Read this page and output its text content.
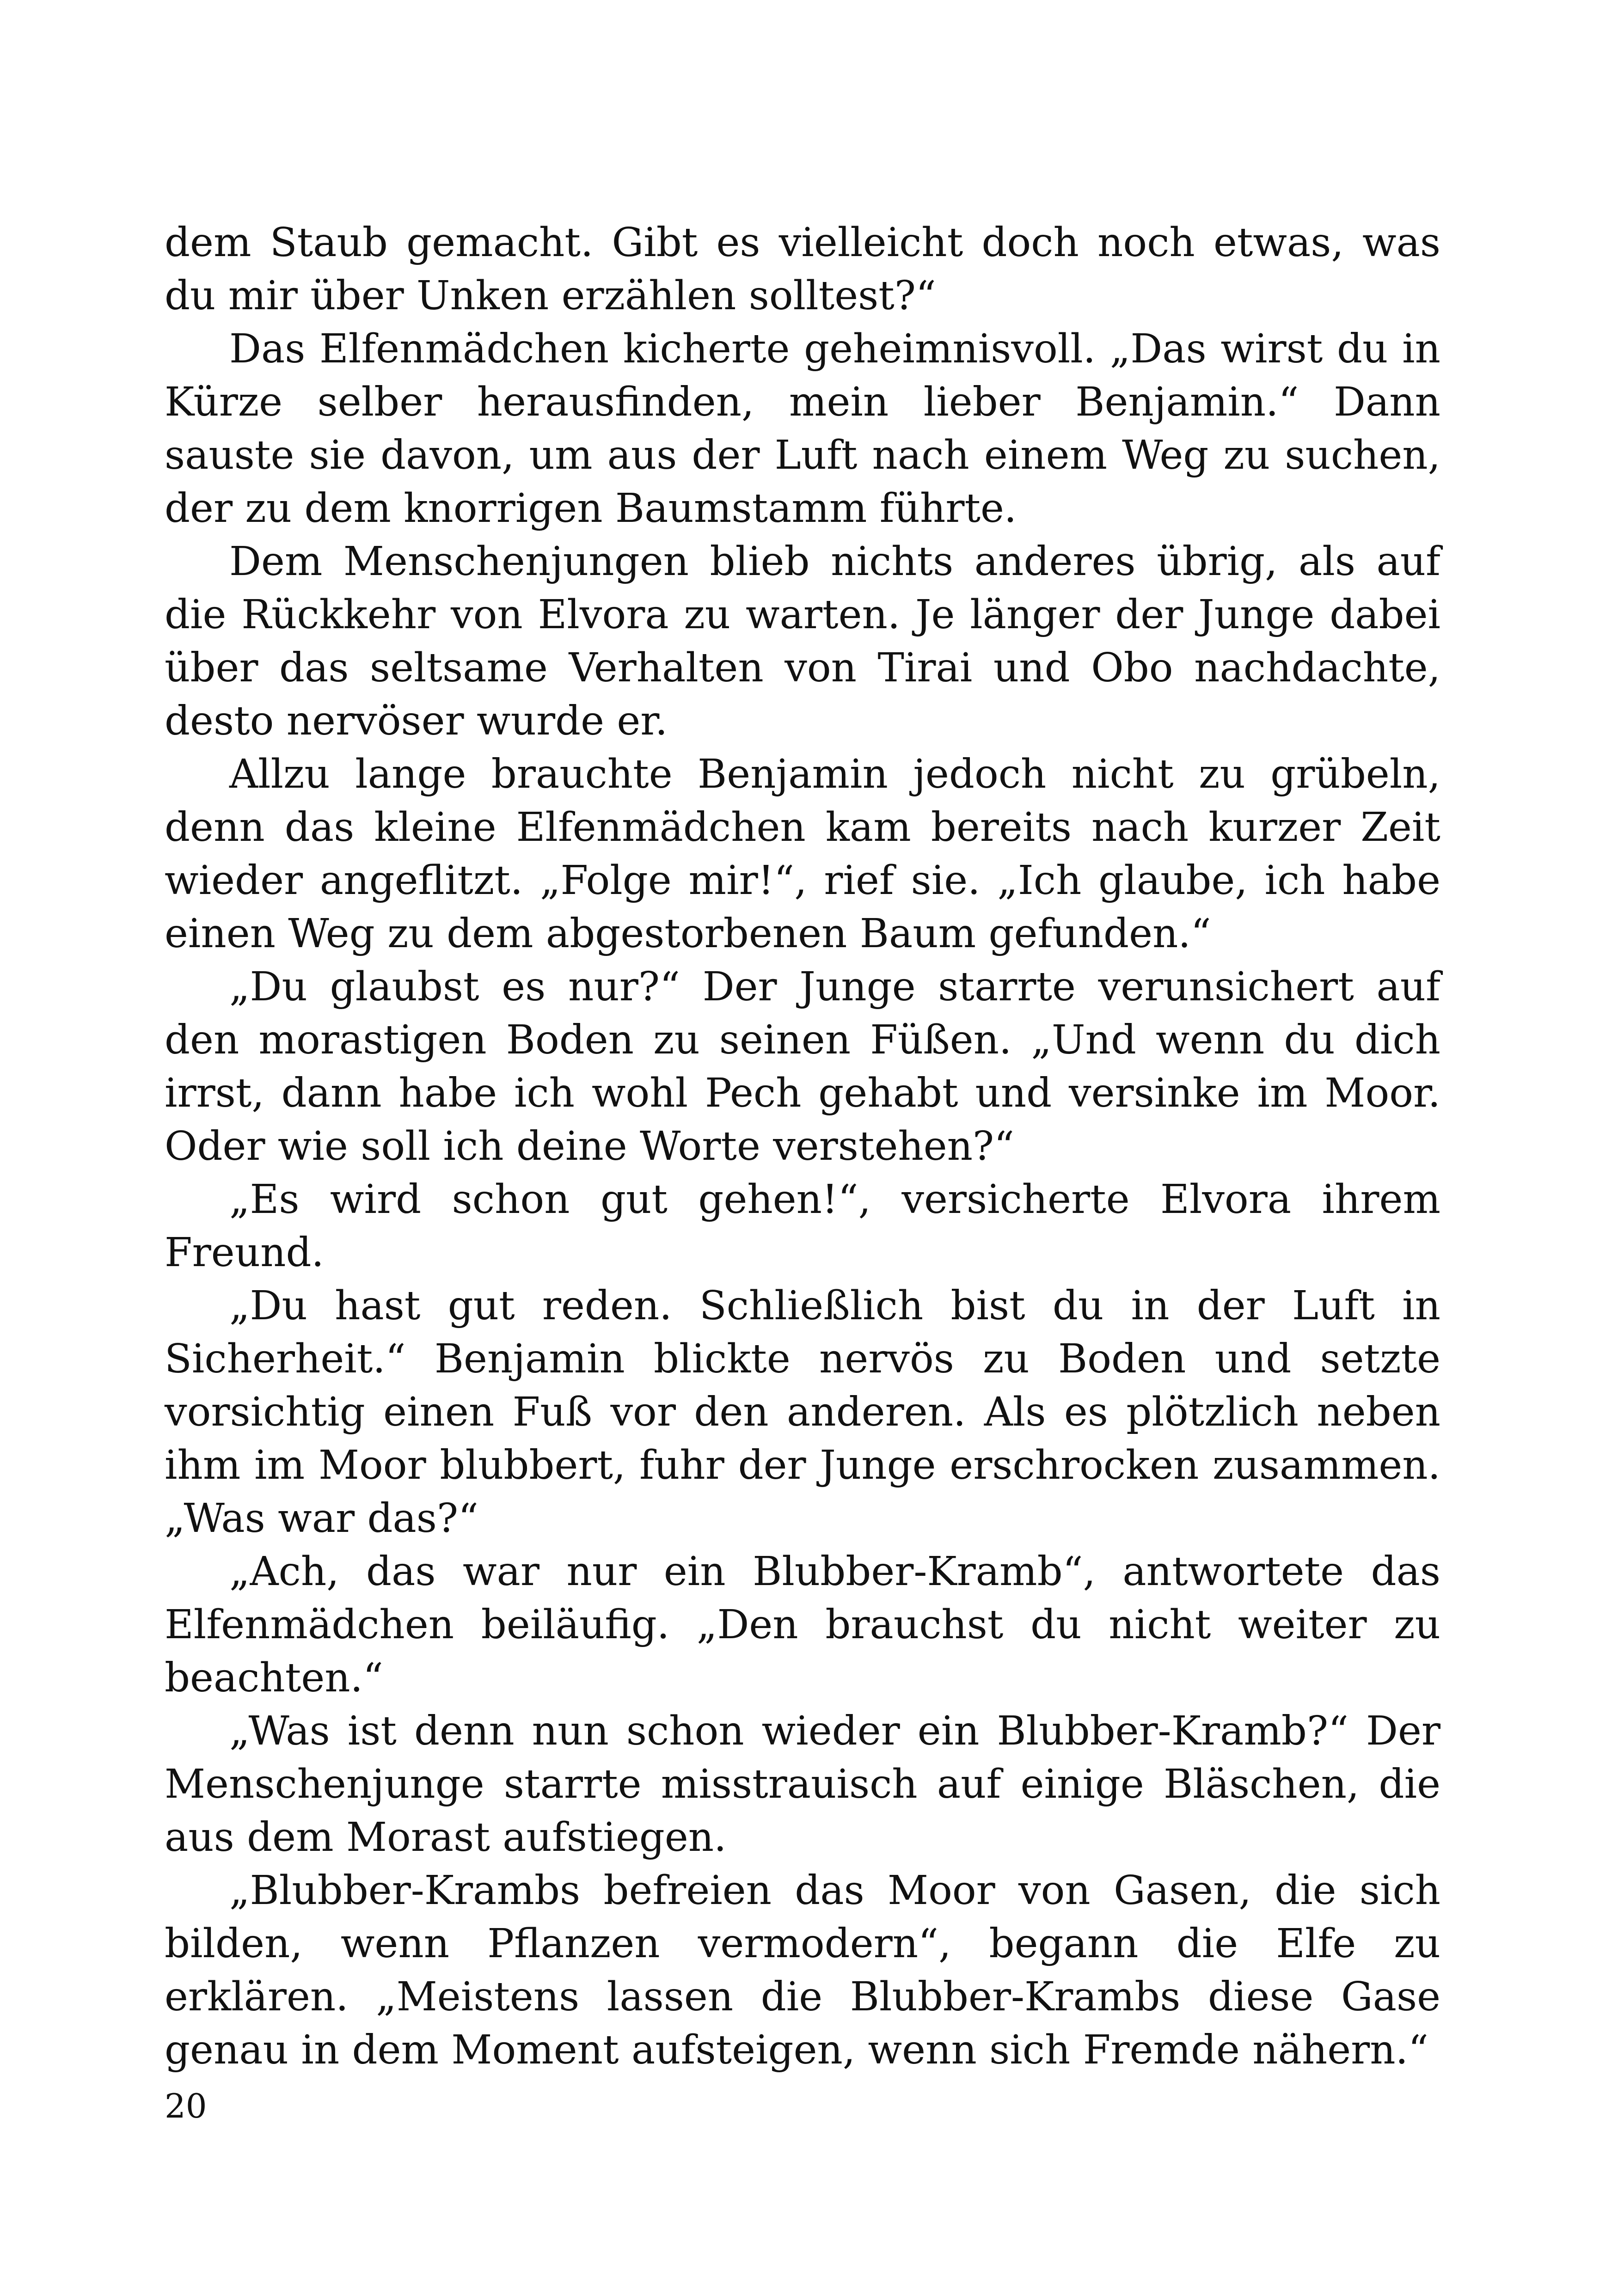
dem Staub gemacht. Gibt es vielleicht doch noch etwas, was du mir über Unken erzählen solltest?“

Das Elfenmädchen kicherte geheimnisvoll. „Das wirst du in Kürze selber herausfinden, mein lieber Benjamin.“ Dann sauste sie davon, um aus der Luft nach einem Weg zu suchen, der zu dem knorrigen Baumstamm führte.

Dem Menschenjungen blieb nichts anderes übrig, als auf die Rückkehr von Elvora zu warten. Je länger der Junge dabei über das seltsame Verhalten von Tirai und Obo nachdachte, desto nervöser wurde er.

Allzu lange brauchte Benjamin jedoch nicht zu grübeln, denn das kleine Elfenmädchen kam bereits nach kurzer Zeit wieder angeflitzt. „Folge mir!“, rief sie. „Ich glaube, ich habe einen Weg zu dem abgestorbenen Baum gefunden.“

„Du glaubst es nur?“ Der Junge starrte verunsichert auf den morastigen Boden zu seinen Füßen. „Und wenn du dich irrst, dann habe ich wohl Pech gehabt und versinke im Moor. Oder wie soll ich deine Worte verstehen?“

„Es wird schon gut gehen!“, versicherte Elvora ihrem Freund.

„Du hast gut reden. Schließlich bist du in der Luft in Sicherheit.“ Benjamin blickte nervös zu Boden und setzte vorsichtig einen Fuß vor den anderen. Als es plötzlich neben ihm im Moor blubbert, fuhr der Junge erschrocken zusammen. „Was war das?“

„Ach, das war nur ein Blubber-Kramb“, antwortete das Elfenmädchen beiläufig. „Den brauchst du nicht weiter zu beachten.“

„Was ist denn nun schon wieder ein Blubber-Kramb?“ Der Menschenjunge starrte misstrauisch auf einige Bläschen, die aus dem Morast aufstiegen.

„Blubber-Krambs befreien das Moor von Gasen, die sich bilden, wenn Pflanzen vermodern“, begann die Elfe zu erklären. „Meistens lassen die Blubber-Krambs diese Gase genau in dem Moment aufsteigen, wenn sich Fremde nähern.“

20
